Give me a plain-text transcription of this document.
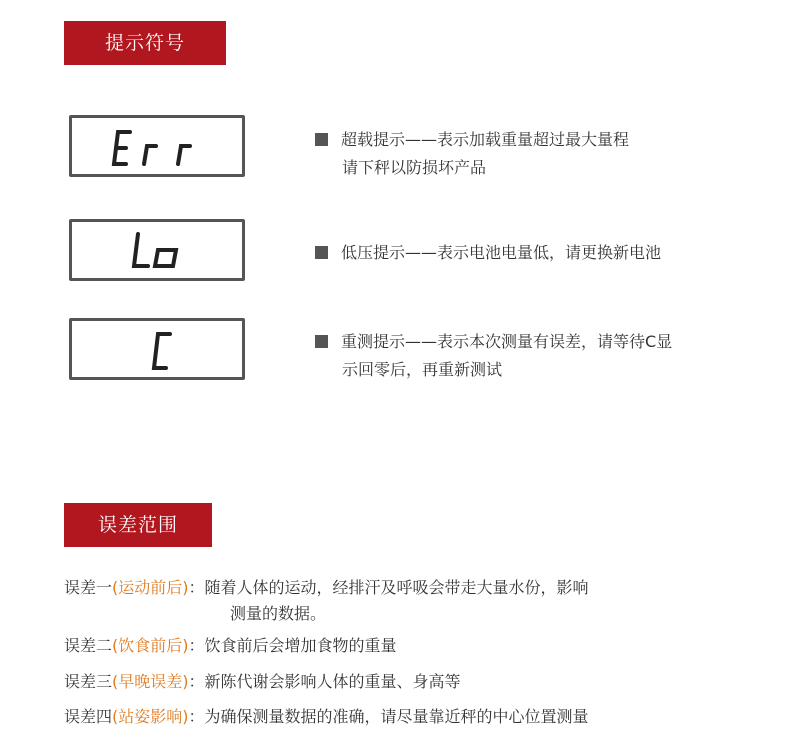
提示符号
超载提示——表示加载重量超过最大量程
请下秤以防损坏产品
低压提示——表示电池电量低，请更换新电池
重测提示——表示本次测量有误差，请等待C显
示回零后，再重新测试
误差范围
误差一(运动前后)：随着人体的运动，经排汗及呼吸会带走大量水份，影响
测量的数据。
误差二(饮食前后)：饮食前后会增加食物的重量
误差三(早晚误差)：新陈代谢会影响人体的重量、身高等
误差四(站姿影响)：为确保测量数据的准确，请尽量靠近秤的中心位置测量
